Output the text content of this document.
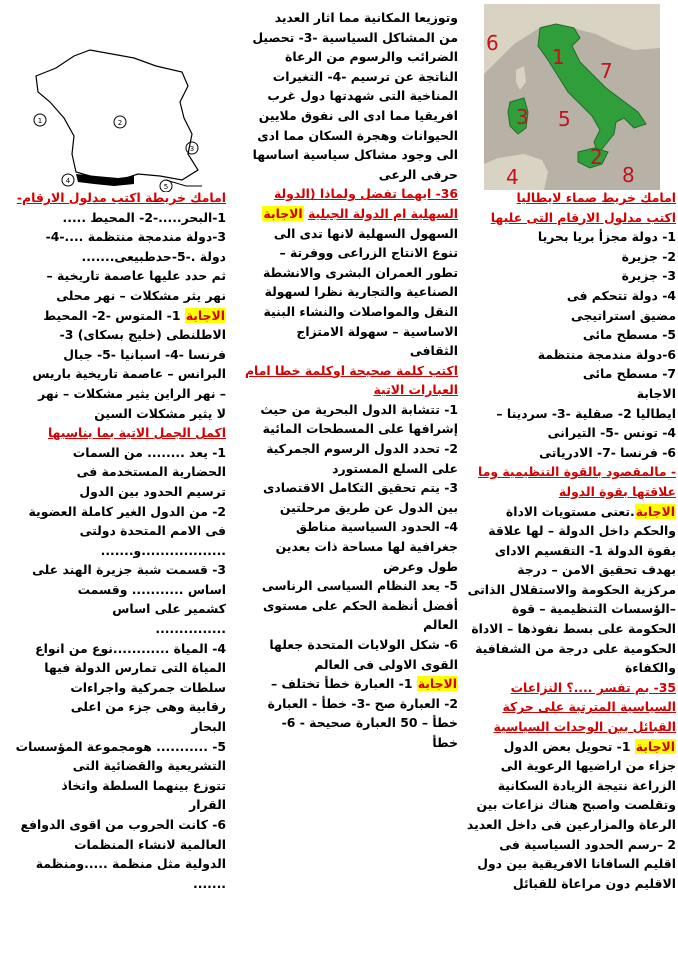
6
1
7
3 5
2
4	8
1	2
3
4
5

امامك خريط صماء لايطاليا

اكتب مدلول الارقام التى عليها

1- دولة مجزأ بريا بحريا

2- جزيرة

3- جزيرة

4- دولة تتحكم فى

مضيق استراتيجى

5- مسطح مائى

6-دولة مندمجة منتظمة

7- مسطح مائى

الاجابة

ايطاليا 2- صقلية -3- سردينا –

4- تونس -5- التيرانى

6- فرنسا -7- الادرياتى

- مالمقصود بالقوة التنظيمية وما علاقتها بقوة الدولة

الاجابة.تعنى مستويات الاداة

والحكم داخل الدولة – لها علاقة

بقوة الدولة 1- التقسيم الاداى

بهدف تحقيق الامن – درجة

مركزية الحكومة والاستقلال الذاتى

–الؤسسات التنظيمية – قوة

الحكومة على بسط نفوذها – الاداة

الحكومية على درجة من الشفافية

والكفاءة

35- بم تفسر ....؟ النزاعات السياسية المترتبة على حركة القبائل بين الوحدات السياسية

الاجابة 1- تحويل بعض الدول

جزاء من اراضيها الرعوية الى

الزراعة نتيجة الزيادة السكانية

وتقلصت واصبح هناك نزاعات بين

الرعاة والمزارعين فى داخل العديد

2 –رسم الحدود السياسية فى

اقليم السافانا الافريقية بين دول

الاقليم دون مراعاة للقبائل

وتوزيعا المكانية مما اثار العديد

من المشاكل السياسية -3- تحصيل

الضرائب والرسوم من الرعاة

الناتجة عن ترسيم -4- التغيرات

المناخية التى شهدتها دول غرب

افريقيا مما ادى الى نفوق ملايين

الحيوانات وهجرة السكان مما ادى

الى وجود مشاكل سياسية اساسها

حرفى الرعى

36- ايهما تفضل ولماذا (الدولة السهلية ام الدولة الجبلية الاجابة

السهول السهلية لانها تدى الى

تنوع الانتاج الزراعى ووفرتة –

تطور العمران البشرى والانشطة

الصناعية والتجارية نظرا لسهولة

النقل والمواصلات والنشاء البنية

الاساسية – سهولة الامتزاج

الثقافى

اكتب كلمة صحيحة اوكلمة خطا امام العبارات الاتية

1- تتشابة الدول البحرية من حيث

إشرافها على المسطحات المائية

2- تحدد الدول الرسوم الجمركية

على السلع المستورد

3- يتم تحقيق التكامل الاقتصادى

بين الدول عن طريق مرحلتين

4- الحدود السياسية مناطق

جغرافية لها مساحة ذات بعدين

طول وعرض

5- يعد النظام السياسى الرناسى

أفضل أنظمة الحكم على مستوى

العالم

6- شكل الولايات المتحدة جعلها

القوى الاولى فى العالم

الاجابة 1- العبارة خطأ تختلف –

2- العبارة صح -3- خطأ - العبارة

خطأ – 50 العبارة صحيحة - 6-

خطأ

امامك خريطة اكتب مدلول الارقام-

1-البحر.....-2- المحيط .....

3-دولة مندمجة منتظمة ....-4-

دولة .-5-حدطبيعى.......

ثم حدد عليها عاصمة تاريخية –

نهر يثر مشكلات – نهر محلى

الاجابة 1- المتوس -2- المحيط

الاطلنطى (خليج بسكاى) 3-

فرنسا -4- اسبانيا -5- جبال

البرانس – عاصمة تاريخية باريس

– نهر الراين يثير مشكلات – نهر

لا يثير مشكلات السين

اكمل الجمل الاتية بما يناسبها

1- يعد ........ من السمات

الحضارية المستخدمة فى

ترسيم الحدود بين الدول

2- من الدول الغير كاملة العضوية

فى الامم المتحدة دولتى

..................و.......

3- قسمت شبة جزيرة الهند على

اساس ........... وقسمت

كشمير على اساس

...............

4- المياة ............نوع من انواع

المياة التى تمارس الدولة فيها

سلطات جمركية واجراءات

رقابية وهى جزء من اعلى

البحار

5- ........... هومجموعة المؤسسات

التشريعية والقضائية التى

تتوزع بينهما السلطة واتخاذ

القرار

6- كانت الحروب من اقوى الدوافع

العالمية لانشاء المنظمات

الدولية مثل منظمة .....ومنظمة

.......
